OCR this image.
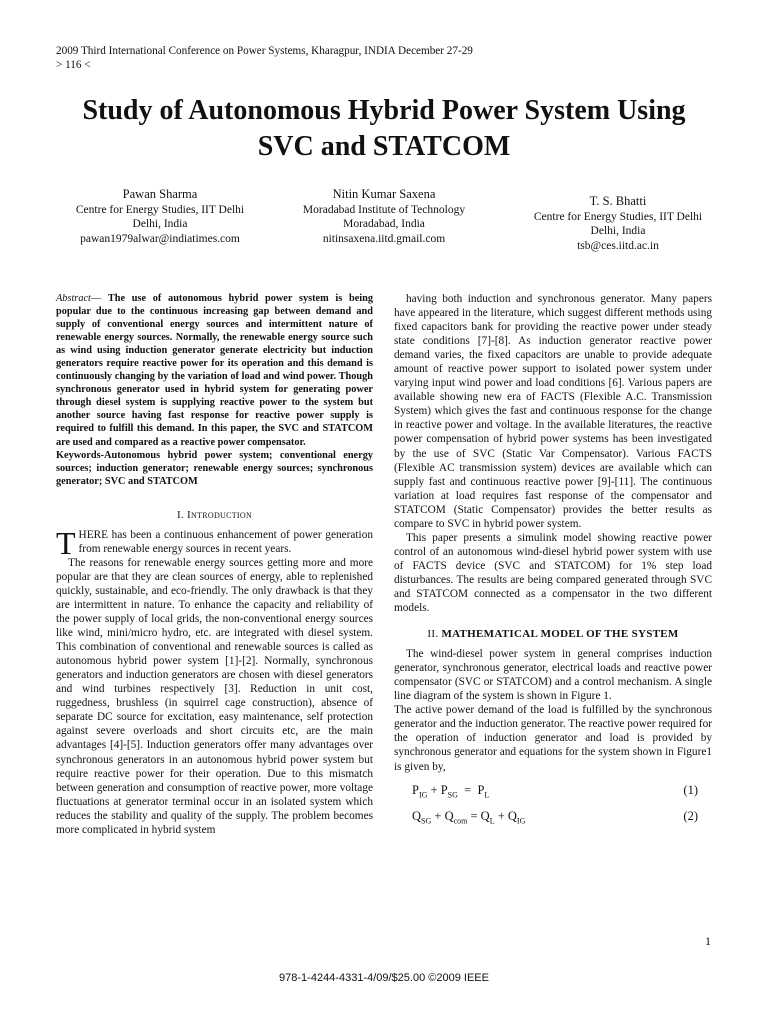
2009 Third International Conference on Power Systems, Kharagpur, INDIA December 27-29
> 116 <
Study of Autonomous Hybrid Power System Using
SVC and STATCOM
Pawan Sharma
Centre for Energy Studies, IIT Delhi
Delhi, India
pawan1979alwar@indiatimes.com
Nitin Kumar Saxena
Moradabad Institute of Technology
Moradabad, India
nitinsaxena.iitd.gmail.com
T. S. Bhatti
Centre for Energy Studies, IIT Delhi
Delhi, India
tsb@ces.iitd.ac.in

Abstract— The use of autonomous hybrid power system is being popular due to the continuous increasing gap between demand and supply of conventional energy sources and intermittent nature of renewable energy sources. Normally, the renewable energy source such as wind using induction generator generate electricity but induction generators require reactive power for its operation and this demand is continuously changing by the variation of load and wind power. Though synchronous generator used in hybrid system for generating power through diesel system is supplying reactive power to the system but another source having fast response for reactive power supply is required to fulfill this demand. In this paper, the SVC and STATCOM are used and compared as a reactive power compensator.

Keywords-Autonomous hybrid power system; conventional energy sources; induction generator; renewable energy sources; synchronous generator; SVC and STATCOM

I. Introduction

THERE has been a continuous enhancement of power generation from renewable energy sources in recent years.

The reasons for renewable energy sources getting more and more popular are that they are clean sources of energy, able to replenished quickly, sustainable, and eco-friendly. The only drawback is that they are intermittent in nature. To enhance the capacity and reliability of the power supply of local grids, the non-conventional energy sources like wind, mini/micro hydro, etc. are integrated with diesel system. This combination of conventional and renewable sources is called as autonomous hybrid power system [1]-[2]. Normally, synchronous generators and induction generators are chosen with diesel generators and wind turbines respectively [3]. Reduction in unit cost, ruggedness, brushless (in squirrel cage construction), absence of separate DC source for excitation, easy maintenance, self protection against severe overloads and short circuits etc, are the main advantages [4]-[5]. Induction generators offer many advantages over synchronous generators in an autonomous hybrid power system but require reactive power for their operation. Due to this mismatch between generation and consumption of reactive power, more voltage fluctuations at generator terminal occur in an isolated system which reduces the stability and quality of the supply. The problem becomes more complicated in hybrid system

having both induction and synchronous generator. Many papers have appeared in the literature, which suggest different methods using fixed capacitors bank for providing the reactive power under steady state conditions [7]-[8]. As induction generator reactive power demand varies, the fixed capacitors are unable to provide adequate amount of reactive power support to isolated power system under varying input wind power and load conditions [6]. Various papers are available showing new era of FACTS (Flexible A.C. Transmission System) which gives the fast and continuous response for the change in reactive power and voltage. In the available literatures, the reactive power compensation of hybrid power systems has been investigated by the use of SVC (Static Var Compensator). Various FACTS (Flexible AC transmission system) devices are available which can supply fast and continuous reactive power [9]-[11]. The continuous variation at load requires fast response of the compensator and STATCOM (Static Compensator) provides the better results as compare to SVC in hybrid power system.

This paper presents a simulink model showing reactive power control of an autonomous wind-diesel hybrid power system with use of FACTS device (SVC and STATCOM) for 1% step load disturbances. The results are being compared generated through SVC and STATCOM connected as a compensator in the two different models.

II. MATHEMATICAL MODEL OF THE SYSTEM

The wind-diesel power system in general comprises induction generator, synchronous generator, electrical loads and reactive power compensator (SVC or STATCOM) and a control mechanism. A single line diagram of the system is shown in Figure 1.

The active power demand of the load is fulfilled by the synchronous generator and the induction generator. The reactive power required for the operation of induction generator and load is provided by synchronous generator and equations for the system shown in Figure1 is given by,

$P_{IG} + P_{SG} = P_L$	(1)
$Q_{SG} + Q_{com} = Q_L + Q_{IG}$	(2)
1
978-1-4244-4331-4/09/$25.00 ©2009 IEEE
